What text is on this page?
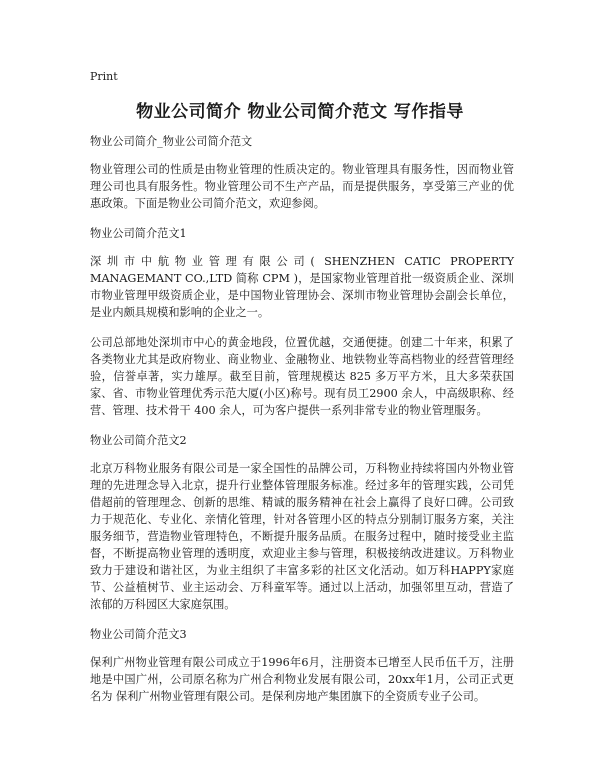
Print
物业公司简介 物业公司简介范文 写作指导

物业公司简介_物业公司简介范文

物业管理公司的性质是由物业管理的性质决定的。物业管理具有服务性，因而物业管理公司也具有服务性。物业管理公司不生产产品，而是提供服务，享受第三产业的优惠政策。下面是物业公司简介范文，欢迎参阅。

物业公司简介范文1

深圳市中航物业管理有限公司( SHENZHEN CATIC PROPERTY MANAGEMANT CO.,LTD 简称 CPM )，是国家物业管理首批一级资质企业、深圳市物业管理甲级资质企业，是中国物业管理协会、深圳市物业管理协会副会长单位，是业内颇具规模和影响的企业之一。

公司总部地处深圳市中心的黄金地段，位置优越，交通便捷。创建二十年来，积累了各类物业尤其是政府物业、商业物业、金融物业、地铁物业等高档物业的经营管理经验，信誉卓著，实力雄厚。截至目前，管理规模达 825 多万平方米，且大多荣获国家、省、市物业管理优秀示范大厦(小区)称号。现有员工2900 余人，中高级职称、经营、管理、技术骨干 400 余人，可为客户提供一系列非常专业的物业管理服务。

物业公司简介范文2

北京万科物业服务有限公司是一家全国性的品牌公司，万科物业持续将国内外物业管理的先进理念导入北京，提升行业整体管理服务标准。经过多年的管理实践，公司凭借超前的管理理念、创新的思维、精诚的服务精神在社会上赢得了良好口碑。公司致力于规范化、专业化、亲情化管理，针对各管理小区的特点分别制订服务方案，关注服务细节，营造物业管理特色，不断提升服务品质。在服务过程中，随时接受业主监督，不断提高物业管理的透明度，欢迎业主参与管理，积极接纳改进建议。万科物业致力于建设和谐社区，为业主组织了丰富多彩的社区文化活动。如万科HAPPY家庭节、公益植树节、业主运动会、万科童军等。通过以上活动，加强邻里互动，营造了浓郁的万科园区大家庭氛围。

物业公司简介范文3

保利广州物业管理有限公司成立于1996年6月，注册资本已增至人民币伍千万，注册地是中国广州，公司原名称为广州合利物业发展有限公司，20xx年1月，公司正式更名为 保利广州物业管理有限公司。是保利房地产集团旗下的全资质专业子公司。
